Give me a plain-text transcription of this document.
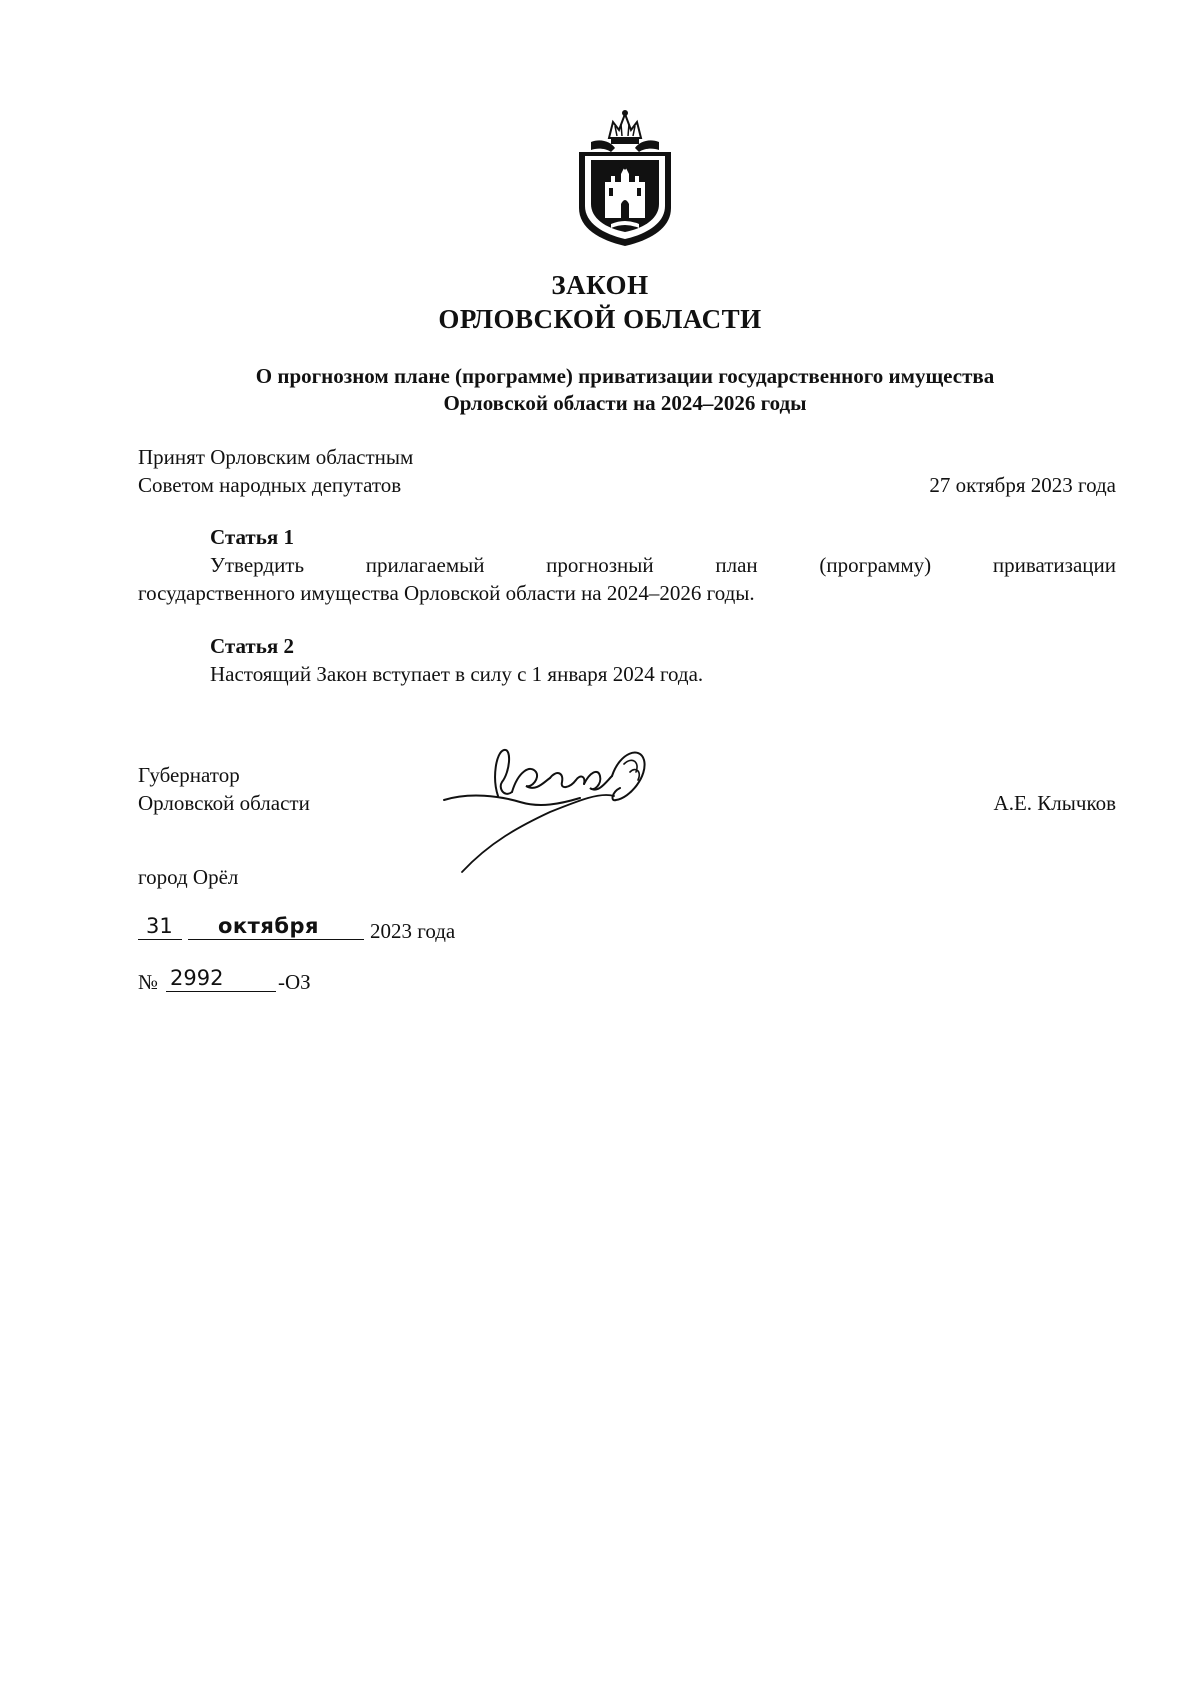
ЗАКОН
ОРЛОВСКОЙ ОБЛАСТИ
О прогнозном плане (программе) приватизации государственного имущества
Орловской области на 2024–2026 годы
Принят Орловским областным
Советом народных депутатов	27 октября 2023 года
Статья 1
Утвердить	прилагаемый	прогнозный	план	(программу)	приватизации
государственного имущества Орловской области на 2024–2026 годы.
Статья 2
Настоящий Закон вступает в силу с 1 января 2024 года.
Губернатор
Орловской области	А.Е. Клычков
город Орёл
31 октября 2023 года
№ 2992	-ОЗ
